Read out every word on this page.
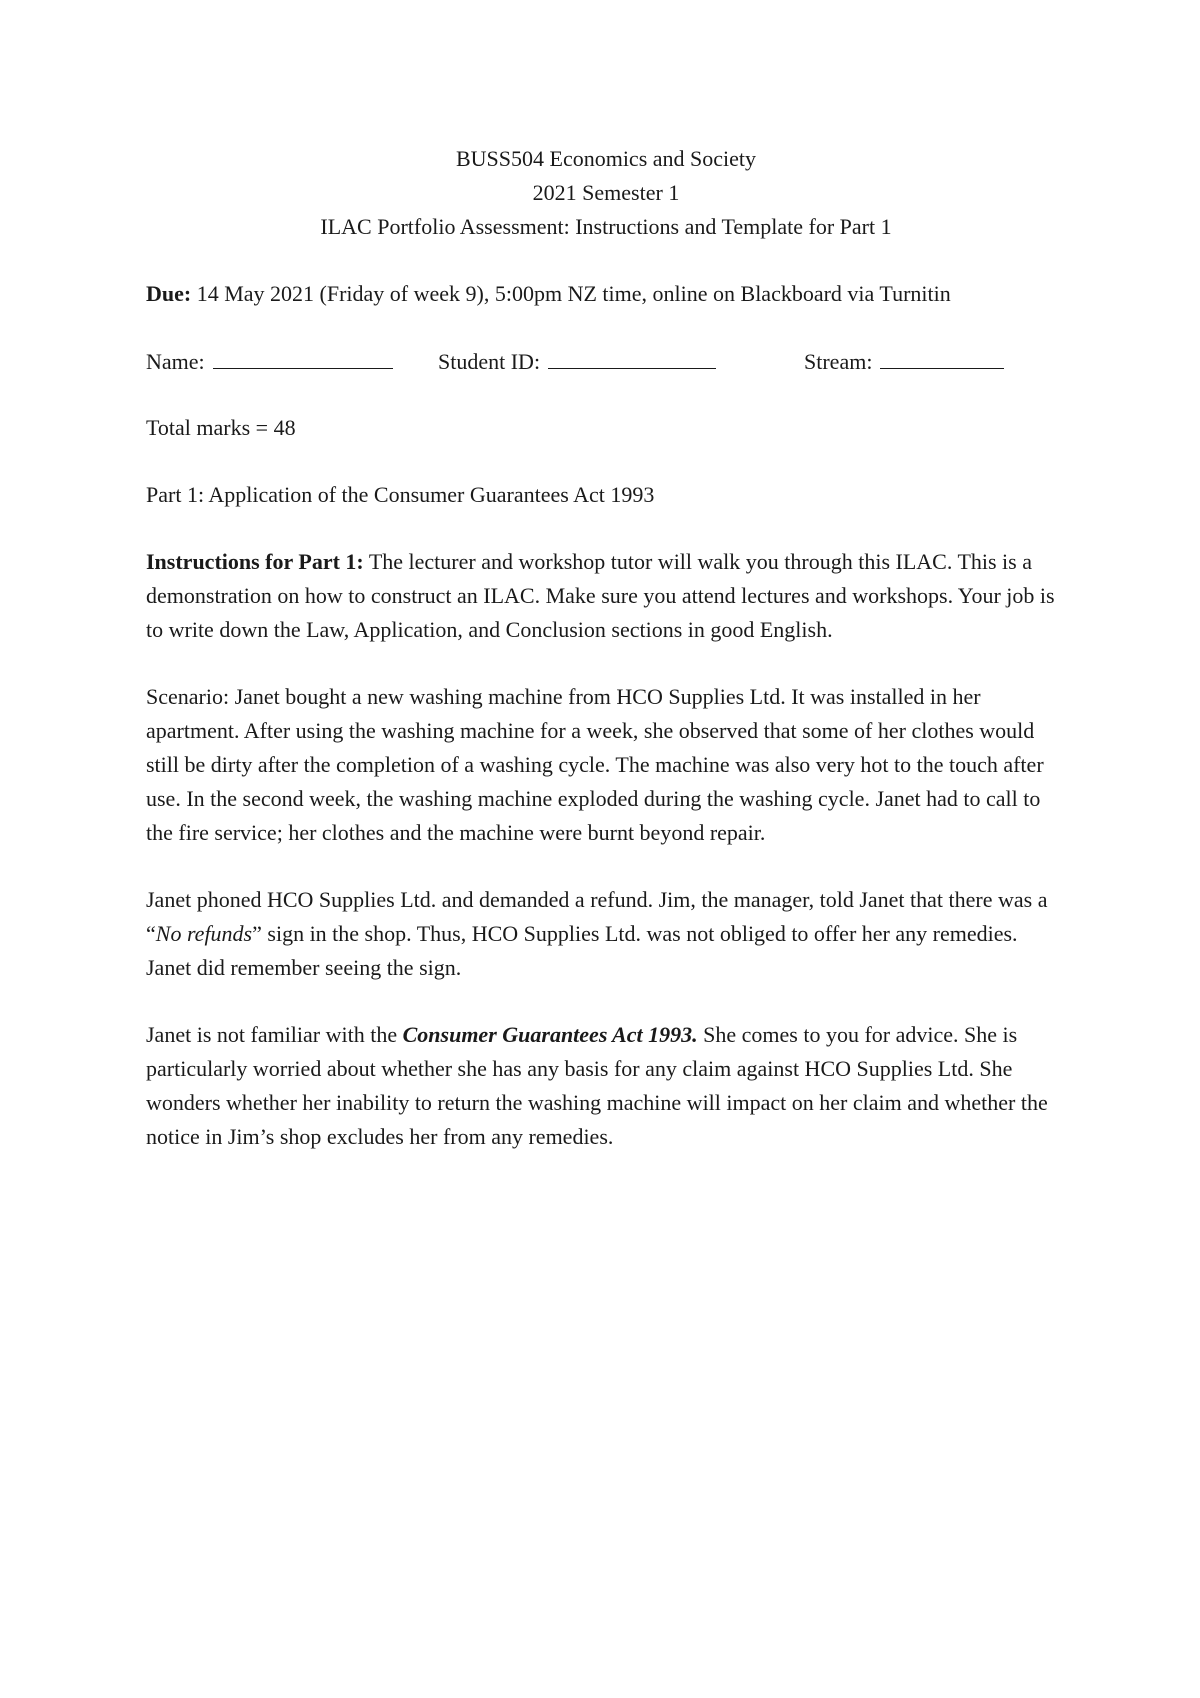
BUSS504 Economics and Society

2021 Semester 1

ILAC Portfolio Assessment: Instructions and Template for Part 1

Due: 14 May 2021 (Friday of week 9), 5:00pm NZ time, online on Blackboard via Turnitin

Name:	Student ID:	Stream:

Total marks = 48

Part 1: Application of the Consumer Guarantees Act 1993

Instructions for Part 1: The lecturer and workshop tutor will walk you through this ILAC. This is a demonstration on how to construct an ILAC. Make sure you attend lectures and workshops. Your job is to write down the Law, Application, and Conclusion sections in good English.

Scenario: Janet bought a new washing machine from HCO Supplies Ltd. It was installed in her apartment. After using the washing machine for a week, she observed that some of her clothes would still be dirty after the completion of a washing cycle. The machine was also very hot to the touch after use. In the second week, the washing machine exploded during the washing cycle. Janet had to call to the fire service; her clothes and the machine were burnt beyond repair.

Janet phoned HCO Supplies Ltd. and demanded a refund. Jim, the manager, told Janet that there was a “No refunds” sign in the shop. Thus, HCO Supplies Ltd. was not obliged to offer her any remedies. Janet did remember seeing the sign.

Janet is not familiar with the Consumer Guarantees Act 1993. She comes to you for advice. She is particularly worried about whether she has any basis for any claim against HCO Supplies Ltd. She wonders whether her inability to return the washing machine will impact on her claim and whether the notice in Jim’s shop excludes her from any remedies.
